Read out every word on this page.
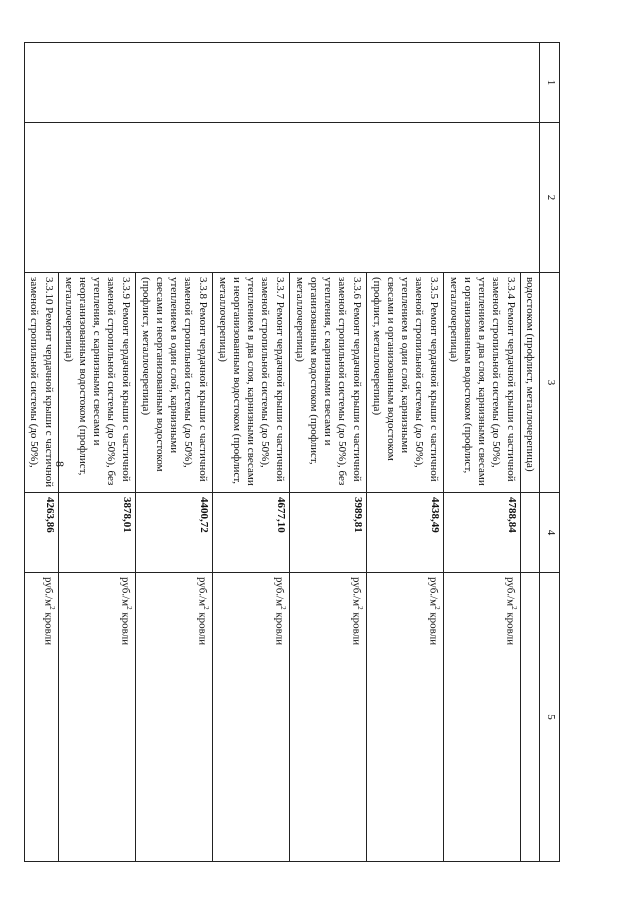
8
1	2	3	4	5
		водостоком (профлист, металлочерепица)		
		3.3.4 Ремонт чердачной крыши с частичной заменой стропильной системы (до 50%), утеплением в два слоя, карнизными свесами и организованным водостоком (профлист, металлочерепица)	4788,84	$руб./м^2$ кровли
		3.3.5 Ремонт чердачной крыши с частичной заменой стропильной системы (до 50%), утеплением в один слой, карнизными свесами и организованным водостоком (профлист, металлочерепица)	4438,49	$руб./м^2$ кровли
		3.3.6 Ремонт чердачной крыши с частичной заменой стропильной системы (до 50%), без утепления, с карнизными свесами и организованным водостоком (профлист, металлочерепица)	3989,81	$руб./м^2$ кровли
		3.3.7 Ремонт чердачной крыши с частичной заменой стропильной системы (до 50%), утеплением в два слоя, карнизными свесами и неорганизованным водостоком (профлист, металлочерепица)	4677,10	$руб./м^2$ кровли
		3.3.8 Ремонт чердачной крыши с частичной заменой стропильной системы (до 50%), утеплением в один слой, карнизными свесами и неорганизованным водостоком (профлист, металлочерепица)	4400,72	$руб./м^2$ кровли
		3.3.9 Ремонт чердачной крыши с частичной заменой стропильной системы (до 50%), без утепления, с карнизными свесами и неорганизованным водостоком (профлист, металлочерепица)	3878,01	$руб./м^2$ кровли
		3.3.10 Ремонт чердачной крыши с частичной заменой стропильной системы (до 50%),	4263,86	$руб./м^2$ кровли
